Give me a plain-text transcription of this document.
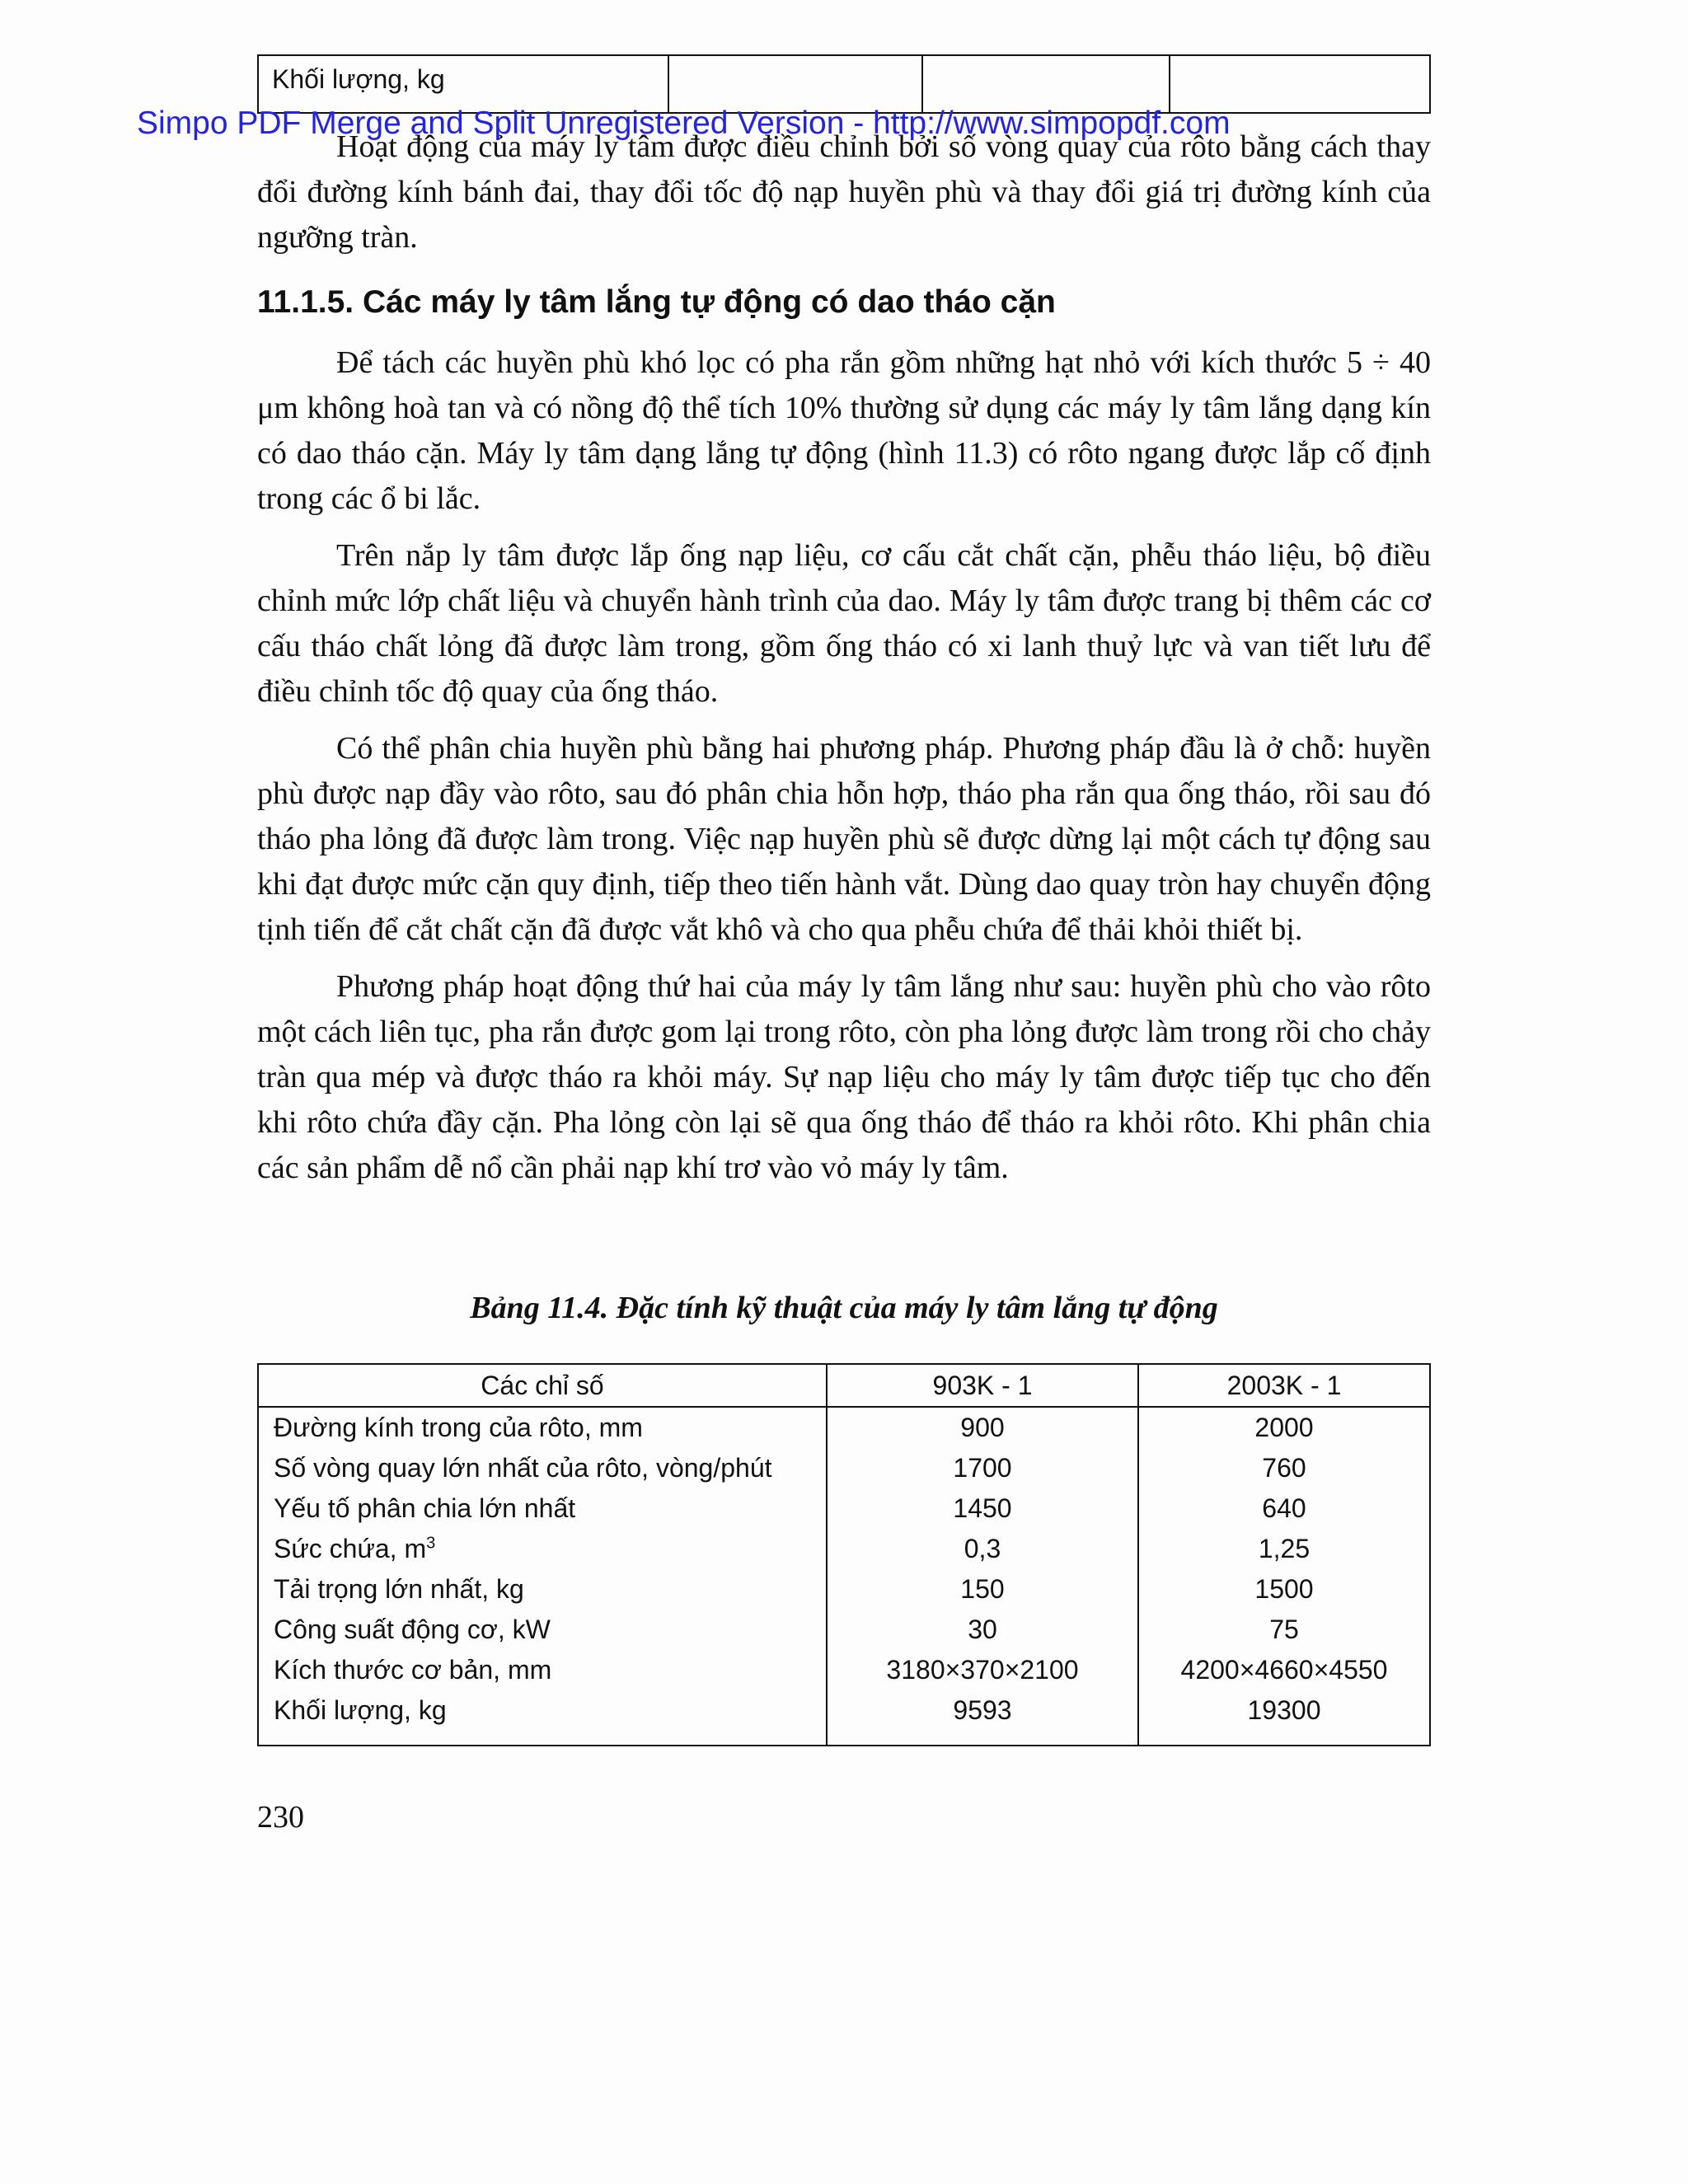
Khối lượng, kg
Simpo PDF Merge and Split Unregistered Version - http://www.simpopdf.com

Hoạt động của máy ly tâm được điều chỉnh bởi số vòng quay của rôto bằng cách thay đổi đường kính bánh đai, thay đổi tốc độ nạp huyền phù và thay đổi giá trị đường kính của ngưỡng tràn.

11.1.5. Các máy ly tâm lắng tự động có dao tháo cặn

Để tách các huyền phù khó lọc có pha rắn gồm những hạt nhỏ với kích thước 5 ÷ 40 μm không hoà tan và có nồng độ thể tích 10% thường sử dụng các máy ly tâm lắng dạng kín có dao tháo cặn. Máy ly tâm dạng lắng tự động (hình 11.3) có rôto ngang được lắp cố định trong các ổ bi lắc.

Trên nắp ly tâm được lắp ống nạp liệu, cơ cấu cắt chất cặn, phễu tháo liệu, bộ điều chỉnh mức lớp chất liệu và chuyển hành trình của dao. Máy ly tâm được trang bị thêm các cơ cấu tháo chất lỏng đã được làm trong, gồm ống tháo có xi lanh thuỷ lực và van tiết lưu để điều chỉnh tốc độ quay của ống tháo.

Có thể phân chia huyền phù bằng hai phương pháp. Phương pháp đầu là ở chỗ: huyền phù được nạp đầy vào rôto, sau đó phân chia hỗn hợp, tháo pha rắn qua ống tháo, rồi sau đó tháo pha lỏng đã được làm trong. Việc nạp huyền phù sẽ được dừng lại một cách tự động sau khi đạt được mức cặn quy định, tiếp theo tiến hành vắt. Dùng dao quay tròn hay chuyển động tịnh tiến để cắt chất cặn đã được vắt khô và cho qua phễu chứa để thải khỏi thiết bị.

Phương pháp hoạt động thứ hai của máy ly tâm lắng như sau: huyền phù cho vào rôto một cách liên tục, pha rắn được gom lại trong rôto, còn pha lỏng được làm trong rồi cho chảy tràn qua mép và được tháo ra khỏi máy. Sự nạp liệu cho máy ly tâm được tiếp tục cho đến khi rôto chứa đầy cặn. Pha lỏng còn lại sẽ qua ống tháo để tháo ra khỏi rôto. Khi phân chia các sản phẩm dễ nổ cần phải nạp khí trơ vào vỏ máy ly tâm.

Bảng 11.4. Đặc tính kỹ thuật của máy ly tâm lắng tự động
Các chỉ số	903K - 1	2003K - 1
Đường kính trong của rôto, mm	900	2000
Số vòng quay lớn nhất của rôto, vòng/phút	1700	760
Yếu tố phân chia lớn nhất	1450	640
Sức chứa, $m^3$	0,3	1,25
Tải trọng lớn nhất, kg	150	1500
Công suất động cơ, kW	30	75
Kích thước cơ bản, mm	3180×370×2100	4200×4660×4550
Khối lượng, kg	9593	19300
230
